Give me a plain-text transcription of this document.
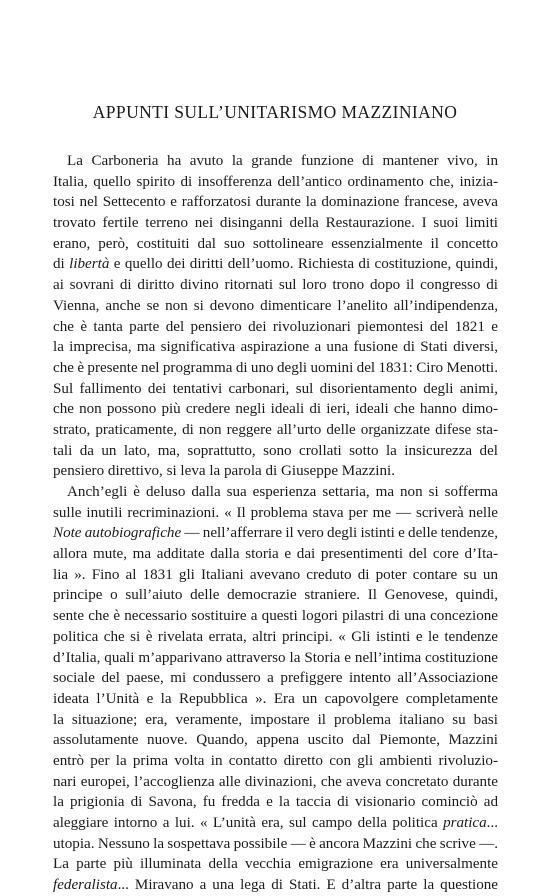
APPUNTI SULL’UNITARISMO MAZZINIANO
La Carboneria ha avuto la grande funzione di mantener vivo, in
Italia, quello spirito di insofferenza dell’antico ordinamento che, inizia-
tosi nel Settecento e rafforzatosi durante la dominazione francese, aveva
trovato fertile terreno nei disinganni della Restaurazione. I suoi limiti
erano, però, costituiti dal suo sottolineare essenzialmente il concetto
di libertà e quello dei diritti dell’uomo. Richiesta di costituzione, quindi,
ai sovrani di diritto divino ritornati sul loro trono dopo il congresso di
Vienna, anche se non si devono dimenticare l’anelito all’indipendenza,
che è tanta parte del pensiero dei rivoluzionari piemontesi del 1821 e
la imprecisa, ma significativa aspirazione a una fusione di Stati diversi,
che è presente nel programma di uno degli uomini del 1831: Ciro Menotti.
Sul fallimento dei tentativi carbonari, sul disorientamento degli animi,
che non possono più credere negli ideali di ieri, ideali che hanno dimo-
strato, praticamente, di non reggere all’urto delle organizzate difese sta-
tali da un lato, ma, soprattutto, sono crollati sotto la insicurezza del
pensiero direttivo, si leva la parola di Giuseppe Mazzini.
Anch’egli è deluso dalla sua esperienza settaria, ma non si sofferma
sulle inutili recriminazioni. « Il problema stava per me — scriverà nelle
Note autobiografiche — nell’afferrare il vero degli istinti e delle tendenze,
allora mute, ma additate dalla storia e dai presentimenti del core d’Ita-
lia ». Fino al 1831 gli Italiani avevano creduto di poter contare su un
principe o sull’aiuto delle democrazie straniere. Il Genovese, quindi,
sente che è necessario sostituire a questi logori pilastri di una concezione
politica che si è rivelata errata, altri principi. « Gli istinti e le tendenze
d’Italia, quali m’apparivano attraverso la Storia e nell’intima costituzione
sociale del paese, mi condussero a prefiggere intento all’Associazione
ideata l’Unità e la Repubblica ». Era un capovolgere completamente
la situazione; era, veramente, impostare il problema italiano su basi
assolutamente nuove. Quando, appena uscito dal Piemonte, Mazzini
entrò per la prima volta in contatto diretto con gli ambienti rivoluzio-
nari europei, l’accoglienza alle divinazioni, che aveva concretato durante
la prigionia di Savona, fu fredda e la taccia di visionario cominciò ad
aleggiare intorno a lui. « L’unità era, sul campo della politica pratica...
utopia. Nessuno la sospettava possibile — è ancora Mazzini che scrive —.
La parte più illuminata della vecchia emigrazione era universalmente
federalista... Miravano a una lega di Stati. E d’altra parte la questione
